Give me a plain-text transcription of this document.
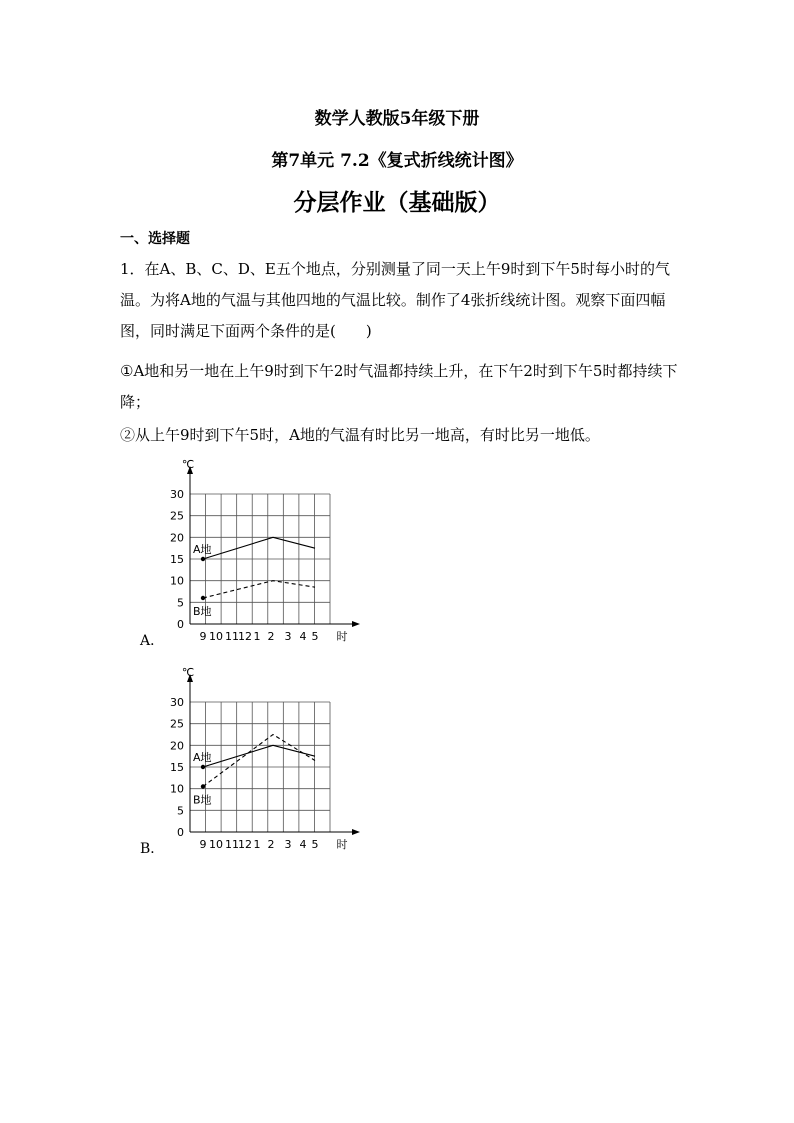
数学人教版5年级下册
第7单元 7.2《复式折线统计图》
分层作业（基础版）
一、选择题
1．在A、B、C、D、E五个地点，分别测量了同一天上午9时到下午5时每小时的气温。为将A地的气温与其他四地的气温比较。制作了4张折线统计图。观察下面四幅图，同时满足下面两个条件的是(　　)
①A地和另一地在上午9时到下午2时气温都持续上升，在下午2时到下午5时都持续下降；
②从上午9时到下午5时，A地的气温有时比另一地高，有时比另一地低。
0
5
10
15
20
25
30
℃
9 10 11 12 1 2 3 4 5 时
A地
B地
A．
0
5
10
15
20
25
30
℃
9 10 11 12 1 2 3 4 5 时
A地
B地
B．
